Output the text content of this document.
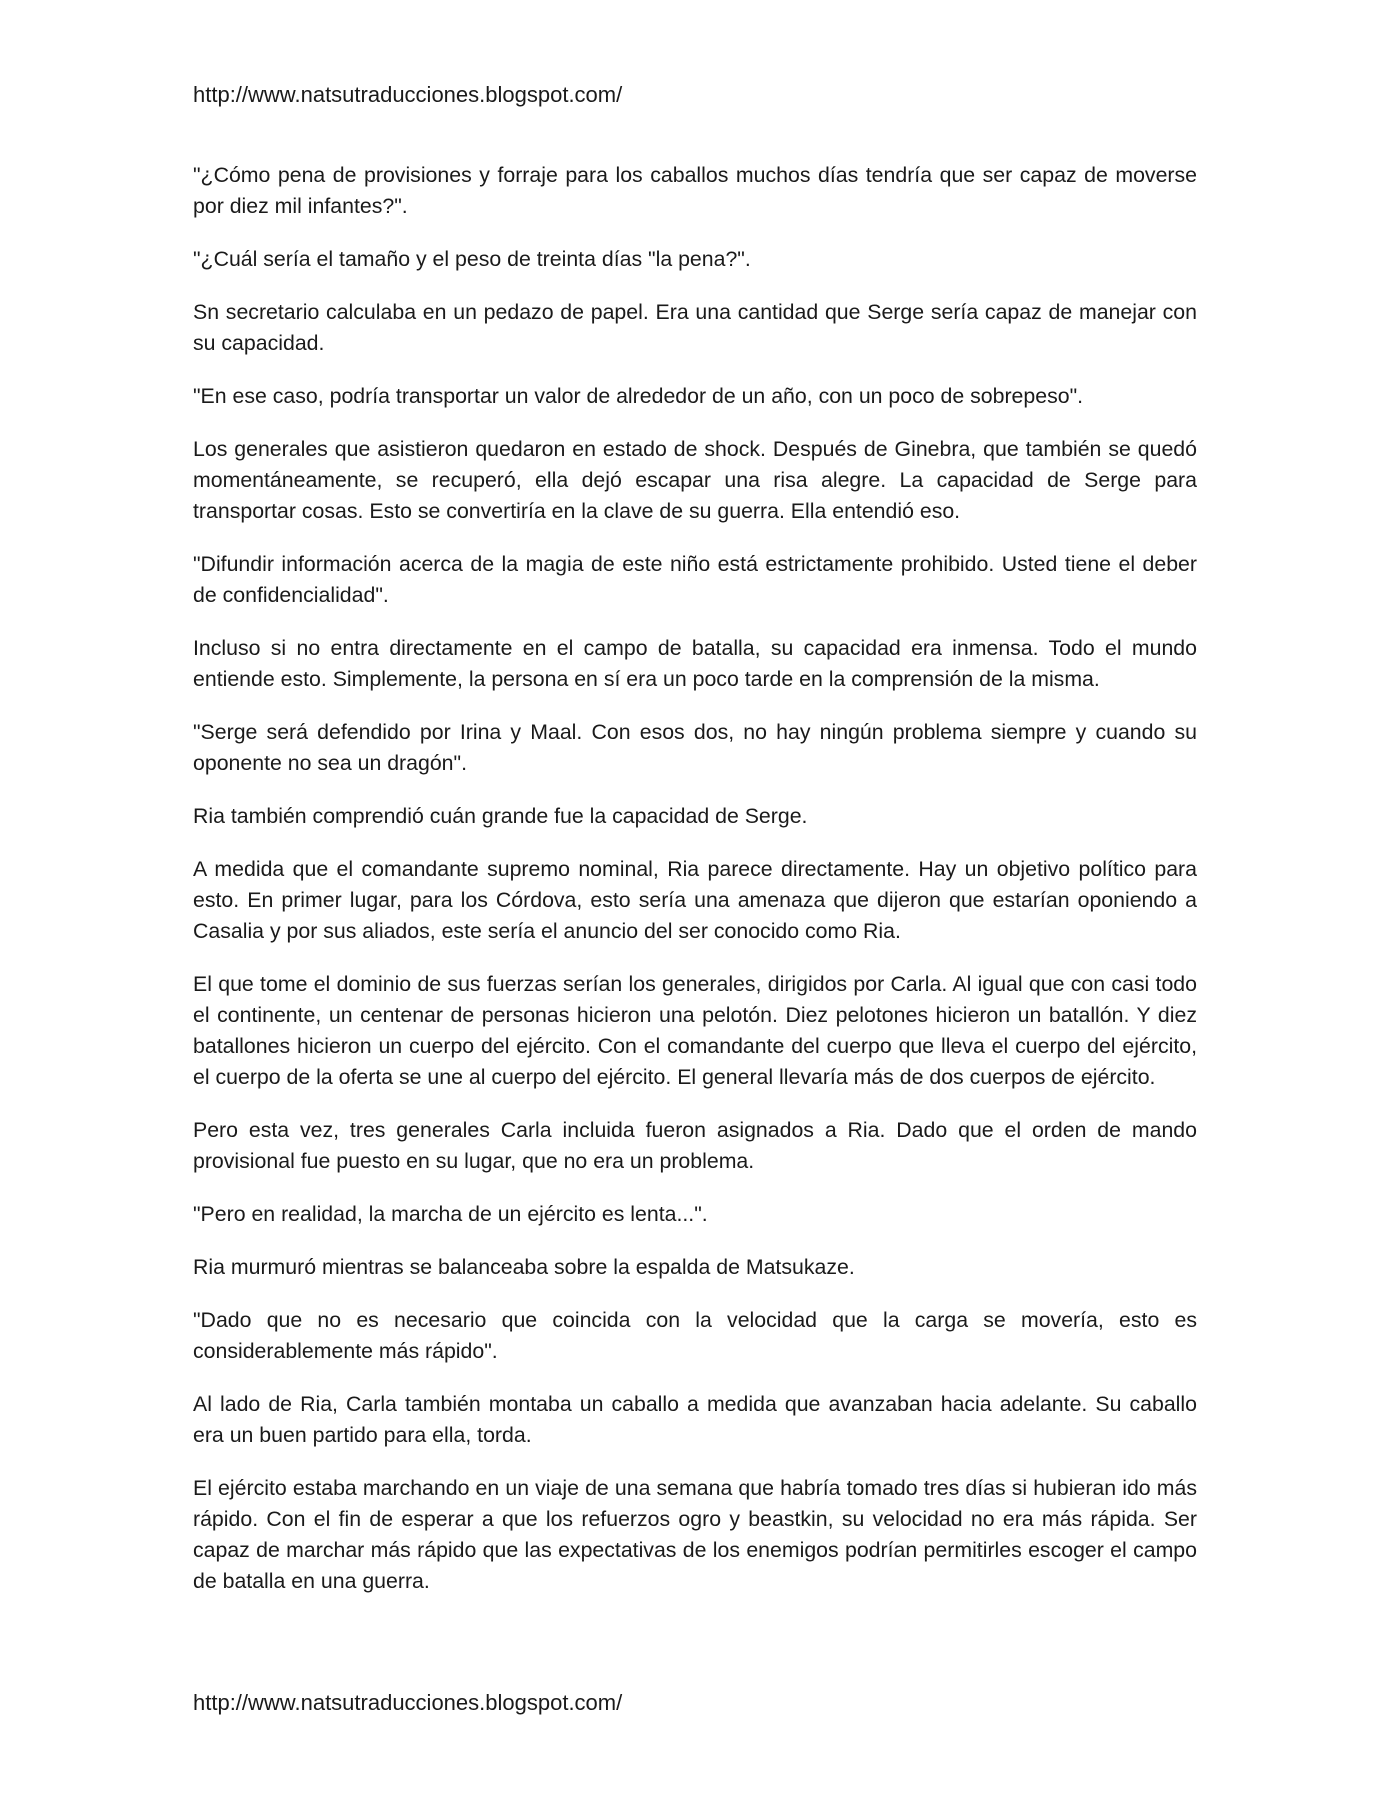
http://www.natsutraducciones.blogspot.com/

"¿Cómo pena de provisiones y forraje para los caballos muchos días tendría que ser capaz de moverse por diez mil infantes?".

"¿Cuál sería el tamaño y el peso de treinta días "la pena?".

Sn secretario calculaba en un pedazo de papel. Era una cantidad que Serge sería capaz de manejar con su capacidad.

"En ese caso, podría transportar un valor de alrededor de un año, con un poco de sobrepeso".

Los generales que asistieron quedaron en estado de shock. Después de Ginebra, que también se quedó momentáneamente, se recuperó, ella dejó escapar una risa alegre. La capacidad de Serge para transportar cosas. Esto se convertiría en la clave de su guerra. Ella entendió eso.

"Difundir información acerca de la magia de este niño está estrictamente prohibido. Usted tiene el deber de confidencialidad".

Incluso si no entra directamente en el campo de batalla, su capacidad era inmensa. Todo el mundo entiende esto. Simplemente, la persona en sí era un poco tarde en la comprensión de la misma.

"Serge será defendido por Irina y Maal. Con esos dos, no hay ningún problema siempre y cuando su oponente no sea un dragón".

Ria también comprendió cuán grande fue la capacidad de Serge.

A medida que el comandante supremo nominal, Ria parece directamente. Hay un objetivo político para esto. En primer lugar, para los Córdova, esto sería una amenaza que dijeron que estarían oponiendo a Casalia y por sus aliados, este sería el anuncio del ser conocido como Ria.

El que tome el dominio de sus fuerzas serían los generales, dirigidos por Carla. Al igual que con casi todo el continente, un centenar de personas hicieron una pelotón. Diez pelotones hicieron un batallón. Y diez batallones hicieron un cuerpo del ejército. Con el comandante del cuerpo que lleva el cuerpo del ejército, el cuerpo de la oferta se une al cuerpo del ejército. El general llevaría más de dos cuerpos de ejército.

Pero esta vez, tres generales Carla incluida fueron asignados a Ria. Dado que el orden de mando provisional fue puesto en su lugar, que no era un problema.

"Pero en realidad, la marcha de un ejército es lenta...".

Ria murmuró mientras se balanceaba sobre la espalda de Matsukaze.

"Dado que no es necesario que coincida con la velocidad que la carga se movería, esto es considerablemente más rápido".

Al lado de Ria, Carla también montaba un caballo a medida que avanzaban hacia adelante. Su caballo era un buen partido para ella, torda.

El ejército estaba marchando en un viaje de una semana que habría tomado tres días si hubieran ido más rápido. Con el fin de esperar a que los refuerzos ogro y beastkin, su velocidad no era más rápida. Ser capaz de marchar más rápido que las expectativas de los enemigos podrían permitirles escoger el campo de batalla en una guerra.

http://www.natsutraducciones.blogspot.com/
